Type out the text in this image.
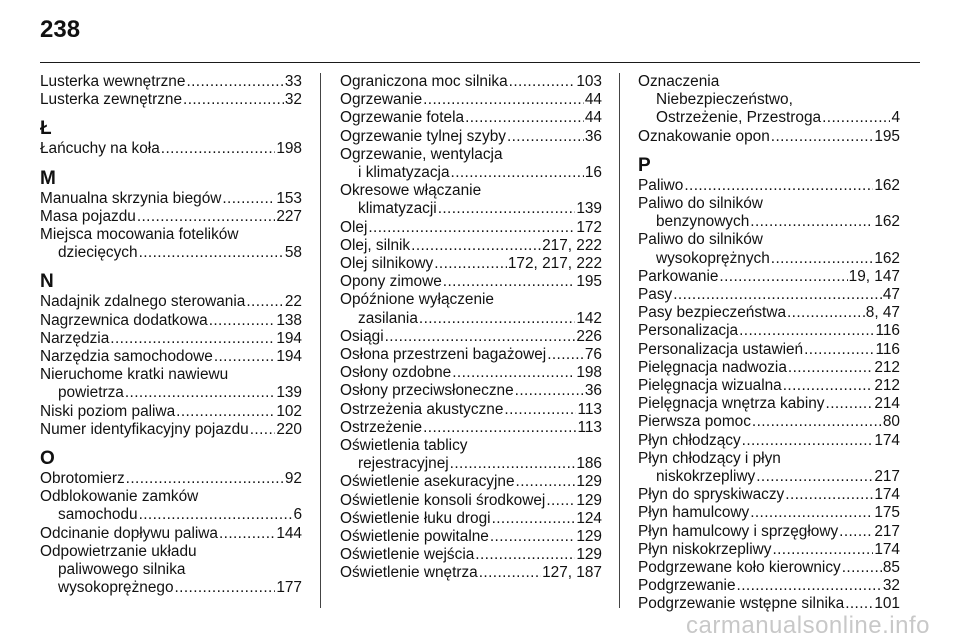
238
Lusterka wewnętrzne .....	33
Lusterka zewnętrzne .....	32
Ł
Łańcuchy na koła .....	198
M
Manualna skrzynia biegów .....	153
Masa pojazdu .....	227
Miejsca mocowania fotelików
dziecięcych .....	58
N
Nadajnik zdalnego sterowania .....	22
Nagrzewnica dodatkowa .....	138
Narzędzia .....	194
Narzędzia samochodowe .....	194
Nieruchome kratki nawiewu
powietrza .....	139
Niski poziom paliwa .....	102
Numer identyfikacyjny pojazdu ..... 220
O
Obrotomierz .....	92
Odblokowanie zamków
samochodu .....	6
Odcinanie dopływu paliwa .....	144
Odpowietrzanie układu
paliwowego silnika
wysokoprężnego .....	177
Ograniczona moc silnika .....	103
Ogrzewanie .....	44
Ogrzewanie fotela .....	44
Ogrzewanie tylnej szyby .....	36
Ogrzewanie, wentylacja
i klimatyzacja .....	16
Okresowe włączanie
klimatyzacji .....	139
Olej .....	172
Olej, silnik .....	217, 222
Olej silnikowy .....	172, 217, 222
Opony zimowe .....	195
Opóźnione wyłączenie
zasilania .....	142
Osiągi .....	226
Osłona przestrzeni bagażowej .....	76
Osłony ozdobne .....	198
Osłony przeciwsłoneczne .....	36
Ostrzeżenia akustyczne .....	113
Ostrzeżenie .....	113
Oświetlenia tablicy
rejestracyjnej .....	186
Oświetlenie asekuracyjne .....	129
Oświetlenie konsoli środkowej ..... 129
Oświetlenie łuku drogi .....	124
Oświetlenie powitalne .....	129
Oświetlenie wejścia .....	129
Oświetlenie wnętrza .....	127, 187
Oznaczenia
Niebezpieczeństwo,
Ostrzeżenie, Przestroga .....	4
Oznakowanie opon .....	195
P
Paliwo .....	162
Paliwo do silników
benzynowych .....	162
Paliwo do silników
wysokoprężnych .....	162
Parkowanie .....	19, 147
Pasy .....	47
Pasy bezpieczeństwa .....	8, 47
Personalizacja .....	116
Personalizacja ustawień .....	116
Pielęgnacja nadwozia .....	212
Pielęgnacja wizualna .....	212
Pielęgnacja wnętrza kabiny .....	214
Pierwsza pomoc .....	80
Płyn chłodzący .....	174
Płyn chłodzący i płyn
niskokrzepliwy .....	217
Płyn do spryskiwaczy .....	174
Płyn hamulcowy .....	175
Płyn hamulcowy i sprzęgłowy ..... 217
Płyn niskokrzepliwy .....	174
Podgrzewane koło kierownicy .....	85
Podgrzewanie .....	32
Podgrzewanie wstępne silnika ..... 101
carmanualsonline.info
